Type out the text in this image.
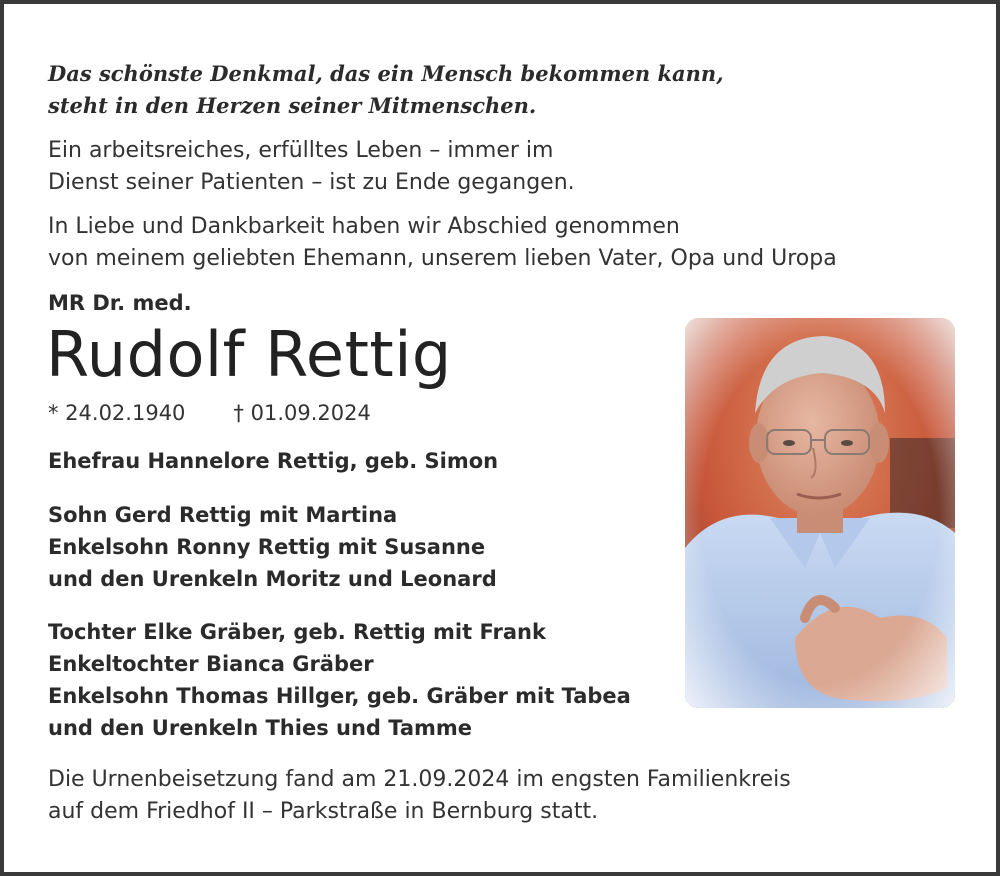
Das schönste Denkmal, das ein Mensch bekommen kann,
steht in den Herzen seiner Mitmenschen.
Ein arbeitsreiches, erfülltes Leben – immer im
Dienst seiner Patienten – ist zu Ende gegangen.
In Liebe und Dankbarkeit haben wir Abschied genommen
von meinem geliebten Ehemann, unserem lieben Vater, Opa und Uropa
MR Dr. med.
Rudolf Rettig
* 24.02.1940 † 01.09.2024
Ehefrau Hannelore Rettig, geb. Simon
Sohn Gerd Rettig mit Martina
Enkelsohn Ronny Rettig mit Susanne
und den Urenkeln Moritz und Leonard
Tochter Elke Gräber, geb. Rettig mit Frank
Enkeltochter Bianca Gräber
Enkelsohn Thomas Hillger, geb. Gräber mit Tabea
und den Urenkeln Thies und Tamme
Die Urnenbeisetzung fand am 21.09.2024 im engsten Familienkreis
auf dem Friedhof II – Parkstraße in Bernburg statt.
